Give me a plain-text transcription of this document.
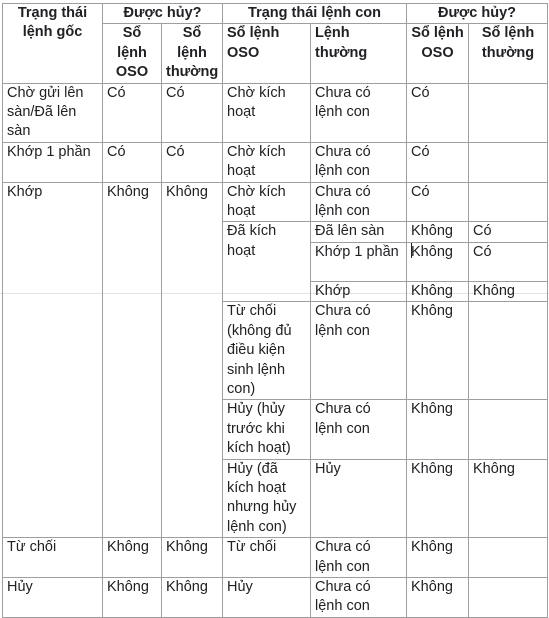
Trạng thái lệnh gốc	Được hủy?		Trạng thái lệnh con		Được hủy?	
	Sổ lệnh OSO	Sổ lệnh thường	Sổ lệnh OSO	Lệnh thường	Sổ lệnh OSO	Sổ lệnh thường
Chờ gửi lên sàn/Đã lên sàn	Có	Có	Chờ kích hoạt	Chưa có lệnh con	Có	
Khớp 1 phần	Có	Có	Chờ kích hoạt	Chưa có lệnh con	Có	
Khớp	Không	Không	Chờ kích hoạt	Chưa có lệnh con	Có	
			Đã kích hoạt	Đã lên sàn	Không	Có
				Khớp 1 phần	Không	Có
				Khớp	Không	Không
			Từ chối (không đủ điều kiện sinh lệnh con)	Chưa có lệnh con	Không	
			Hủy (hủy trước khi kích hoạt)	Chưa có lệnh con	Không	
			Hủy (đã kích hoạt nhưng hủy lệnh con)	Hủy	Không	Không
Từ chối	Không	Không	Từ chối	Chưa có lệnh con	Không	
Hủy	Không	Không	Hủy	Chưa có lệnh con	Không	
